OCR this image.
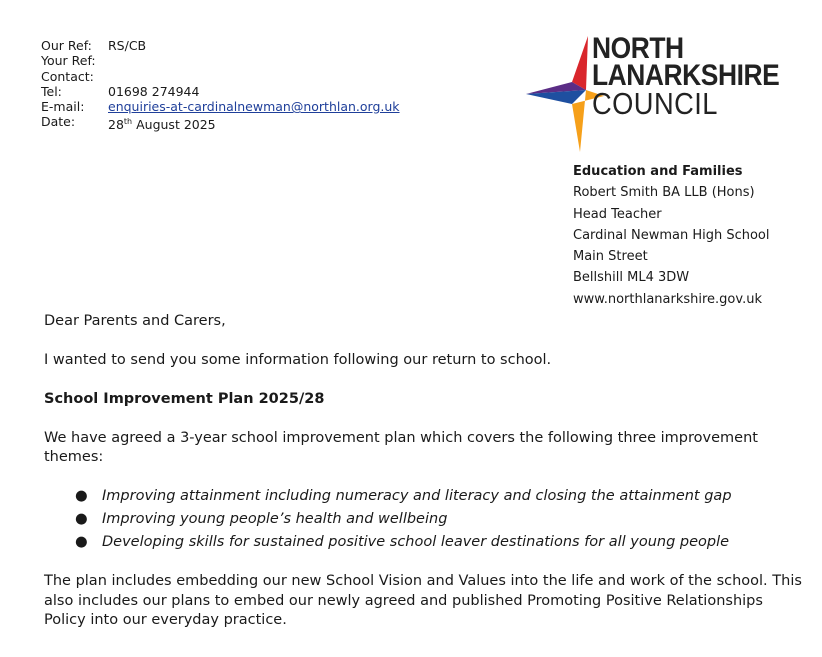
Our Ref:	RS/CB
Your Ref:
Contact:
Tel:	01698 274944
E-mail:	enquiries-at-cardinalnewman@northlan.org.uk
Date:	28th August 2025
NORTH
LANARKSHIRE
COUNCIL
Education and Families
Robert Smith BA LLB (Hons)
Head Teacher
Cardinal Newman High School
Main Street
Bellshill ML4 3DW
www.northlanarkshire.gov.uk

Dear Parents and Carers,

I wanted to send you some information following our return to school.

School Improvement Plan 2025/28

We have agreed a 3-year school improvement plan which covers the following three improvement themes:

● Improving attainment including numeracy and literacy and closing the attainment gap
● Improving young people’s health and wellbeing
● Developing skills for sustained positive school leaver destinations for all young people

The plan includes embedding our new School Vision and Values into the life and work of the school. This also includes our plans to embed our newly agreed and published Promoting Positive Relationships Policy into our everyday practice.
